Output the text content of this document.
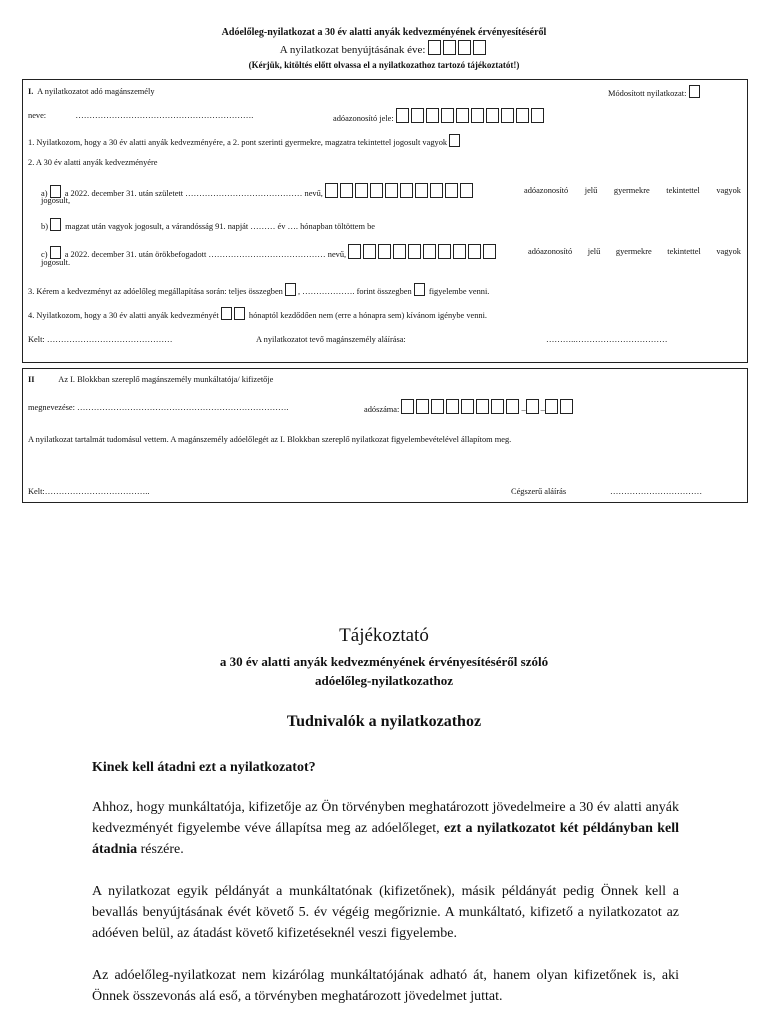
Adóelőleg-nyilatkozat a 30 év alatti anyák kedvezményének érvényesítéséről
A nyilatkozat benyújtásának éve:
(Kérjük, kitöltés előtt olvassa el a nyilatkozathoz tartozó tájékoztatót!)
I. A nyilatkozatot adó magánszemély	Módosított nyilatkozat:
neve:	……………………………………………………….	adóazonosító jele:
1. Nyilatkozom, hogy a 30 év alatti anyák kedvezményére, a 2. pont szerinti gyermekre, magzatra tekintettel jogosult vagyok
2. A 30 év alatti anyák kedvezményére
a) a 2022. december 31. után született …………………………………… nevű,	adóazonosító jelű gyermekre tekintettel vagyok
jogosult,
b) magzat után vagyok jogosult, a várandósság 91. napját ……… év …. hónapban töltöttem be
c) a 2022. december 31. után örökbefogadott …………………………………… nevű,	adóazonosító jelű gyermekre tekintettel vagyok
jogosult.
3. Kérem a kedvezményt az adóelőleg megállapítása során: teljes összegben , ………………. forint összegben figyelembe venni.
4. Nyilatkozom, hogy a 30 év alatti anyák kedvezményét	hónaptól kezdődően nem (erre a hónapra sem) kívánom igénybe venni.
Kelt: ………………………………………	A nyilatkozatot tevő magánszemély aláírása:	………..……………………………
II	Az I. Blokkban szereplő magánszemély munkáltatója/ kifizetője
megnevezése: ………………………………………………………………….	adószáma:	– –
A nyilatkozat tartalmát tudomásul vettem. A magánszemély adóelőlegét az I. Blokkban szereplő nyilatkozat figyelembevételével állapítom meg.
Kelt:………………………………..	Cégszerű aláírás	……………………………
Tájékoztató
a 30 év alatti anyák kedvezményének érvényesítéséről szóló
adóelőleg-nyilatkozathoz
Tudnivalók a nyilatkozathoz
Kinek kell átadni ezt a nyilatkozatot?
Ahhoz, hogy munkáltatója, kifizetője az Ön törvényben meghatározott jövedelmeire a 30 év alatti anyák kedvezményét figyelembe véve állapítsa meg az adóelőleget, ezt a nyilatkozatot két példányban kell átadnia részére.
A nyilatkozat egyik példányát a munkáltatónak (kifizetőnek), másik példányát pedig Önnek kell a bevallás benyújtásának évét követő 5. év végéig megőriznie. A munkáltató, kifizető a nyilatkozatot az adóéven belül, az átadást követő kifizetéseknél veszi figyelembe.
Az adóelőleg-nyilatkozat nem kizárólag munkáltatójának adható át, hanem olyan kifizetőnek is, aki Önnek összevonás alá eső, a törvényben meghatározott jövedelmet juttat.
